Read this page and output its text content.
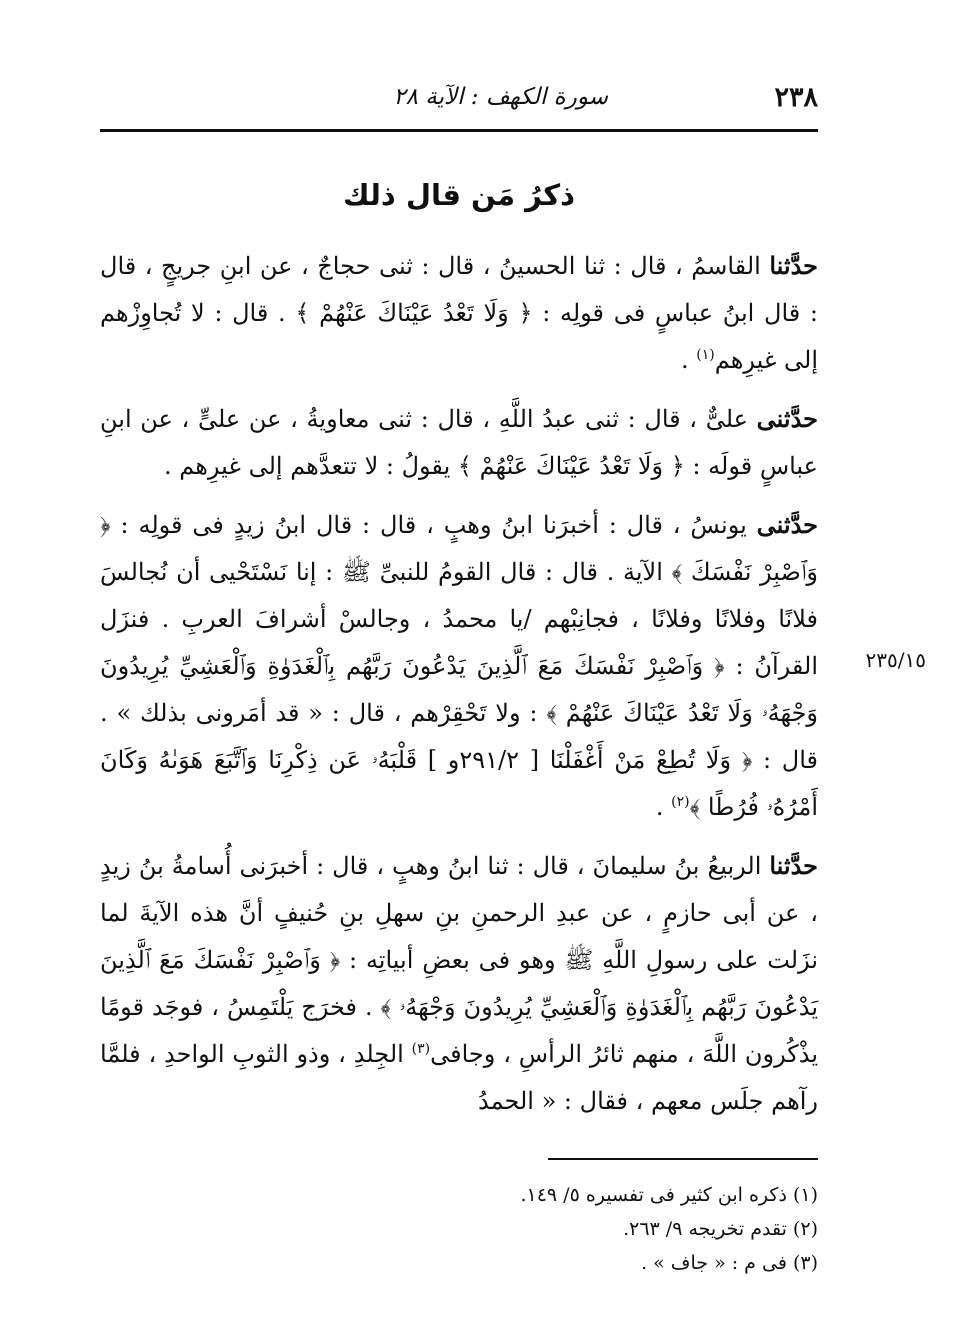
٢٣٨
سورة الكهف : الآية ٢٨
ذكرُ مَن قال ذلك
٢٣٥/١٥

حدَّثنا القاسمُ ، قال : ثنا الحسينُ ، قال : ثنى حجاجٌ ، عن ابنِ جريجٍ ، قال : قال ابنُ عباسٍ فى قولِه : ﴿ وَلَا تَعْدُ عَيْنَاكَ عَنْهُمْ ﴾ . قال : لا تُجاوِزْهم إلى غيرِهم$^{(١)}$ .

حدَّثنى علىٌّ ، قال : ثنى عبدُ اللَّهِ ، قال : ثنى معاويةُ ، عن علىٍّ ، عن ابنِ عباسٍ قولَه : ﴿ وَلَا تَعْدُ عَيْنَاكَ عَنْهُمْ ﴾ يقولُ : لا تتعدَّهم إلى غيرِهم .

حدَّثنى يونسُ ، قال : أخبرَنا ابنُ وهبٍ ، قال : قال ابنُ زيدٍ فى قولِه : ﴿ وَٱصْبِرْ نَفْسَكَ ﴾ الآية . قال : قال القومُ للنبىِّ ﷺ : إنا نَسْتَحْيى أن نُجالسَ فلانًا وفلانًا وفلانًا ، فجانِبْهم /يا محمدُ ، وجالسْ أشرافَ العربِ . فنزَل القرآنُ : ﴿ وَٱصْبِرْ نَفْسَكَ مَعَ ٱلَّذِينَ يَدْعُونَ رَبَّهُم بِٱلْغَدَوٰةِ وَٱلْعَشِيِّ يُرِيدُونَ وَجْهَهُۥ وَلَا تَعْدُ عَيْنَاكَ عَنْهُمْ ﴾ : ولا تَحْقِرْهم ، قال : « قد أمَرونى بذلك » . قال : ﴿ وَلَا تُطِعْ مَنْ أَغْفَلْنَا [ ٢٩١/٢و ] قَلْبَهُۥ عَن ذِكْرِنَا وَٱتَّبَعَ هَوَىٰهُ وَكَانَ أَمْرُهُۥ فُرُطًا ﴾$^{(٢)}$ .

حدَّثنا الربيعُ بنُ سليمانَ ، قال : ثنا ابنُ وهبٍ ، قال : أخبرَنى أُسامةُ بنُ زيدٍ ، عن أبى حازمٍ ، عن عبدِ الرحمنِ بنِ سهلِ بنِ حُنيفٍ أنَّ هذه الآيةَ لما نزَلت على رسولِ اللَّهِ ﷺ وهو فى بعضِ أبياتِه : ﴿ وَٱصْبِرْ نَفْسَكَ مَعَ ٱلَّذِينَ يَدْعُونَ رَبَّهُم بِٱلْغَدَوٰةِ وَٱلْعَشِيِّ يُرِيدُونَ وَجْهَهُۥ ﴾ . فخرَج يَلْتَمِسُ ، فوجَد قومًا يذْكُرون اللَّهَ ، منهم ثائرُ الرأسِ ، وجافى$^{(٣)}$ الجِلدِ ، وذو الثوبِ الواحدِ ، فلمَّا رآهم جلَس معهم ، فقال : « الحمدُ

(١) ذكره ابن كثير فى تفسيره ٥/ ١٤٩.

(٢) تقدم تخريجه ٩/ ٢٦٣.

(٣) فى م : « جاف » .
